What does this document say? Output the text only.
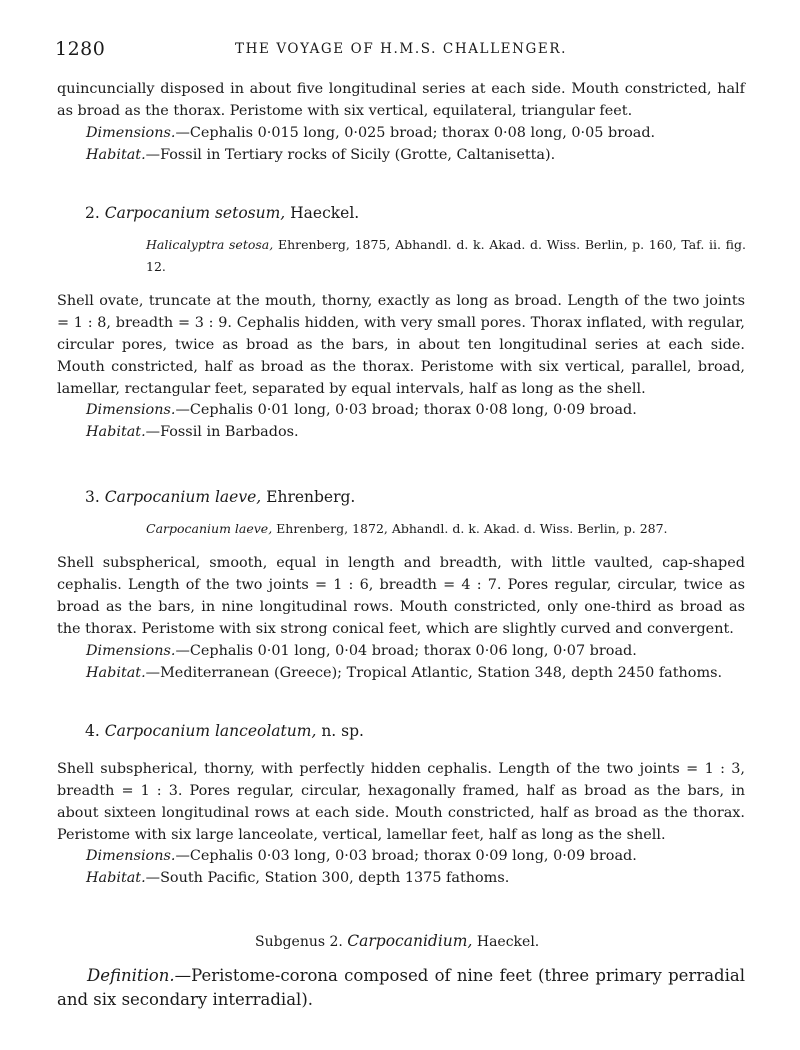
1280	THE VOYAGE OF H.M.S. CHALLENGER.
quincuncially disposed in about five longitudinal series at each side. Mouth constricted, half as broad as the thorax. Peristome with six vertical, equilateral, triangular feet.
Dimensions.—Cephalis 0·015 long, 0·025 broad; thorax 0·08 long, 0·05 broad.
Habitat.—Fossil in Tertiary rocks of Sicily (Grotte, Caltanisetta).
2. Carpocanium setosum, Haeckel.
Halicalyptra setosa, Ehrenberg, 1875, Abhandl. d. k. Akad. d. Wiss. Berlin, p. 160, Taf. ii. fig. 12.
Shell ovate, truncate at the mouth, thorny, exactly as long as broad. Length of the two joints = 1 : 8, breadth = 3 : 9. Cephalis hidden, with very small pores. Thorax inflated, with regular, circular pores, twice as broad as the bars, in about ten longitudinal series at each side. Mouth constricted, half as broad as the thorax. Peristome with six vertical, parallel, broad, lamellar, rectangular feet, separated by equal intervals, half as long as the shell.
Dimensions.—Cephalis 0·01 long, 0·03 broad; thorax 0·08 long, 0·09 broad.
Habitat.—Fossil in Barbados.
3. Carpocanium laeve, Ehrenberg.
Carpocanium laeve, Ehrenberg, 1872, Abhandl. d. k. Akad. d. Wiss. Berlin, p. 287.
Shell subspherical, smooth, equal in length and breadth, with little vaulted, cap-shaped cephalis. Length of the two joints = 1 : 6, breadth = 4 : 7. Pores regular, circular, twice as broad as the bars, in nine longitudinal rows. Mouth constricted, only one-third as broad as the thorax. Peristome with six strong conical feet, which are slightly curved and convergent.
Dimensions.—Cephalis 0·01 long, 0·04 broad; thorax 0·06 long, 0·07 broad.
Habitat.—Mediterranean (Greece); Tropical Atlantic, Station 348, depth 2450 fathoms.
4. Carpocanium lanceolatum, n. sp.
Shell subspherical, thorny, with perfectly hidden cephalis. Length of the two joints = 1 : 3, breadth = 1 : 3. Pores regular, circular, hexagonally framed, half as broad as the bars, in about sixteen longitudinal rows at each side. Mouth constricted, half as broad as the thorax. Peristome with six large lanceolate, vertical, lamellar feet, half as long as the shell.
Dimensions.—Cephalis 0·03 long, 0·03 broad; thorax 0·09 long, 0·09 broad.
Habitat.—South Pacific, Station 300, depth 1375 fathoms.
Subgenus 2. Carpocanidium, Haeckel.
Definition.—Peristome-corona composed of nine feet (three primary perradial and six secondary interradial).
